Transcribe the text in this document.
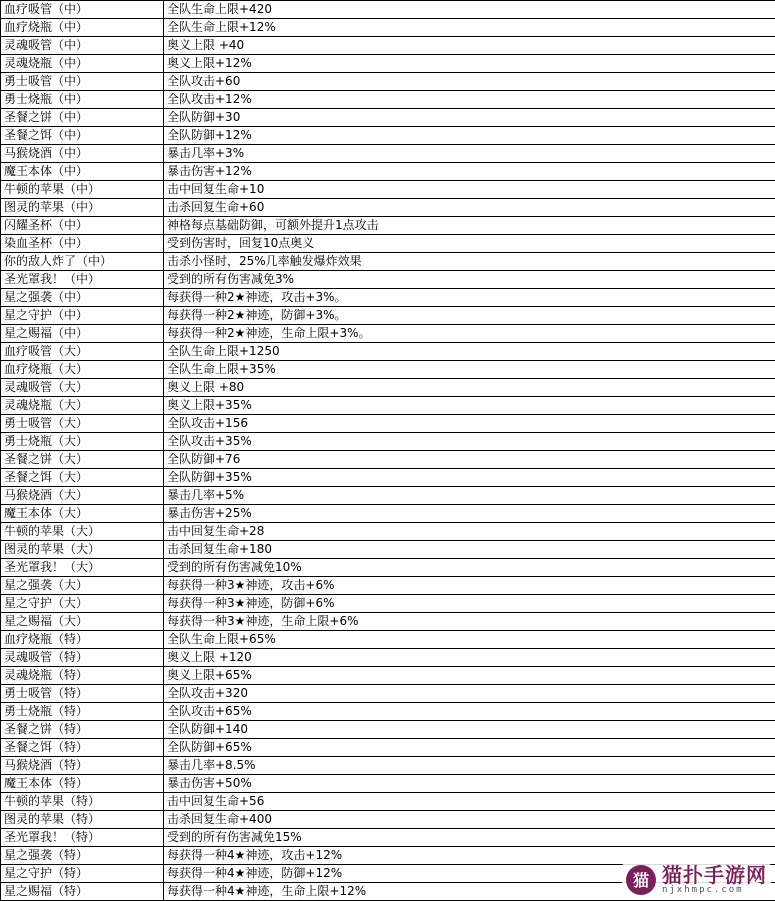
血疗吸管（中）	全队生命上限+420
血疗烧瓶（中）	全队生命上限+12%
灵魂吸管（中）	奥义上限 +40
灵魂烧瓶（中）	奥义上限+12%
勇士吸管（中）	全队攻击+60
勇士烧瓶（中）	全队攻击+12%
圣餐之饼（中）	全队防御+30
圣餐之饵（中）	全队防御+12%
马猴烧酒（中）	暴击几率+3%
魔王本体（中）	暴击伤害+12%
牛顿的苹果（中）	击中回复生命+10
图灵的苹果（中）	击杀回复生命+60
闪耀圣杯（中）	神格每点基础防御，可额外提升1点攻击
染血圣杯（中）	受到伤害时，回复10点奥义
你的敌人炸了（中）	击杀小怪时，25%几率触发爆炸效果
圣光罩我！（中）	受到的所有伤害减免3%
星之强袭（中）	每获得一种2★神迹，攻击+3%。
星之守护（中）	每获得一种2★神迹，防御+3%。
星之赐福（中）	每获得一种2★神迹，生命上限+3%。
血疗吸管（大）	全队生命上限+1250
血疗烧瓶（大）	全队生命上限+35%
灵魂吸管（大）	奥义上限 +80
灵魂烧瓶（大）	奥义上限+35%
勇士吸管（大）	全队攻击+156
勇士烧瓶（大）	全队攻击+35%
圣餐之饼（大）	全队防御+76
圣餐之饵（大）	全队防御+35%
马猴烧酒（大）	暴击几率+5%
魔王本体（大）	暴击伤害+25%
牛顿的苹果（大）	击中回复生命+28
图灵的苹果（大）	击杀回复生命+180
圣光罩我！（大）	受到的所有伤害减免10%
星之强袭（大）	每获得一种3★神迹，攻击+6%
星之守护（大）	每获得一种3★神迹，防御+6%
星之赐福（大）	每获得一种3★神迹，生命上限+6%
血疗烧瓶（特）	全队生命上限+65%
灵魂吸管（特）	奥义上限 +120
灵魂烧瓶（特）	奥义上限+65%
勇士吸管（特）	全队攻击+320
勇士烧瓶（特）	全队攻击+65%
圣餐之饼（特）	全队防御+140
圣餐之饵（特）	全队防御+65%
马猴烧酒（特）	暴击几率+8.5%
魔王本体（特）	暴击伤害+50%
牛顿的苹果（特）	击中回复生命+56
图灵的苹果（特）	击杀回复生命+400
圣光罩我！（特）	受到的所有伤害减免15%
星之强袭（特）	每获得一种4★神迹，攻击+12%
星之守护（特）	每获得一种4★神迹，防御+12%
星之赐福（特）	每获得一种4★神迹，生命上限+12%
猫 猫扑手游网
njxhmpc.com
